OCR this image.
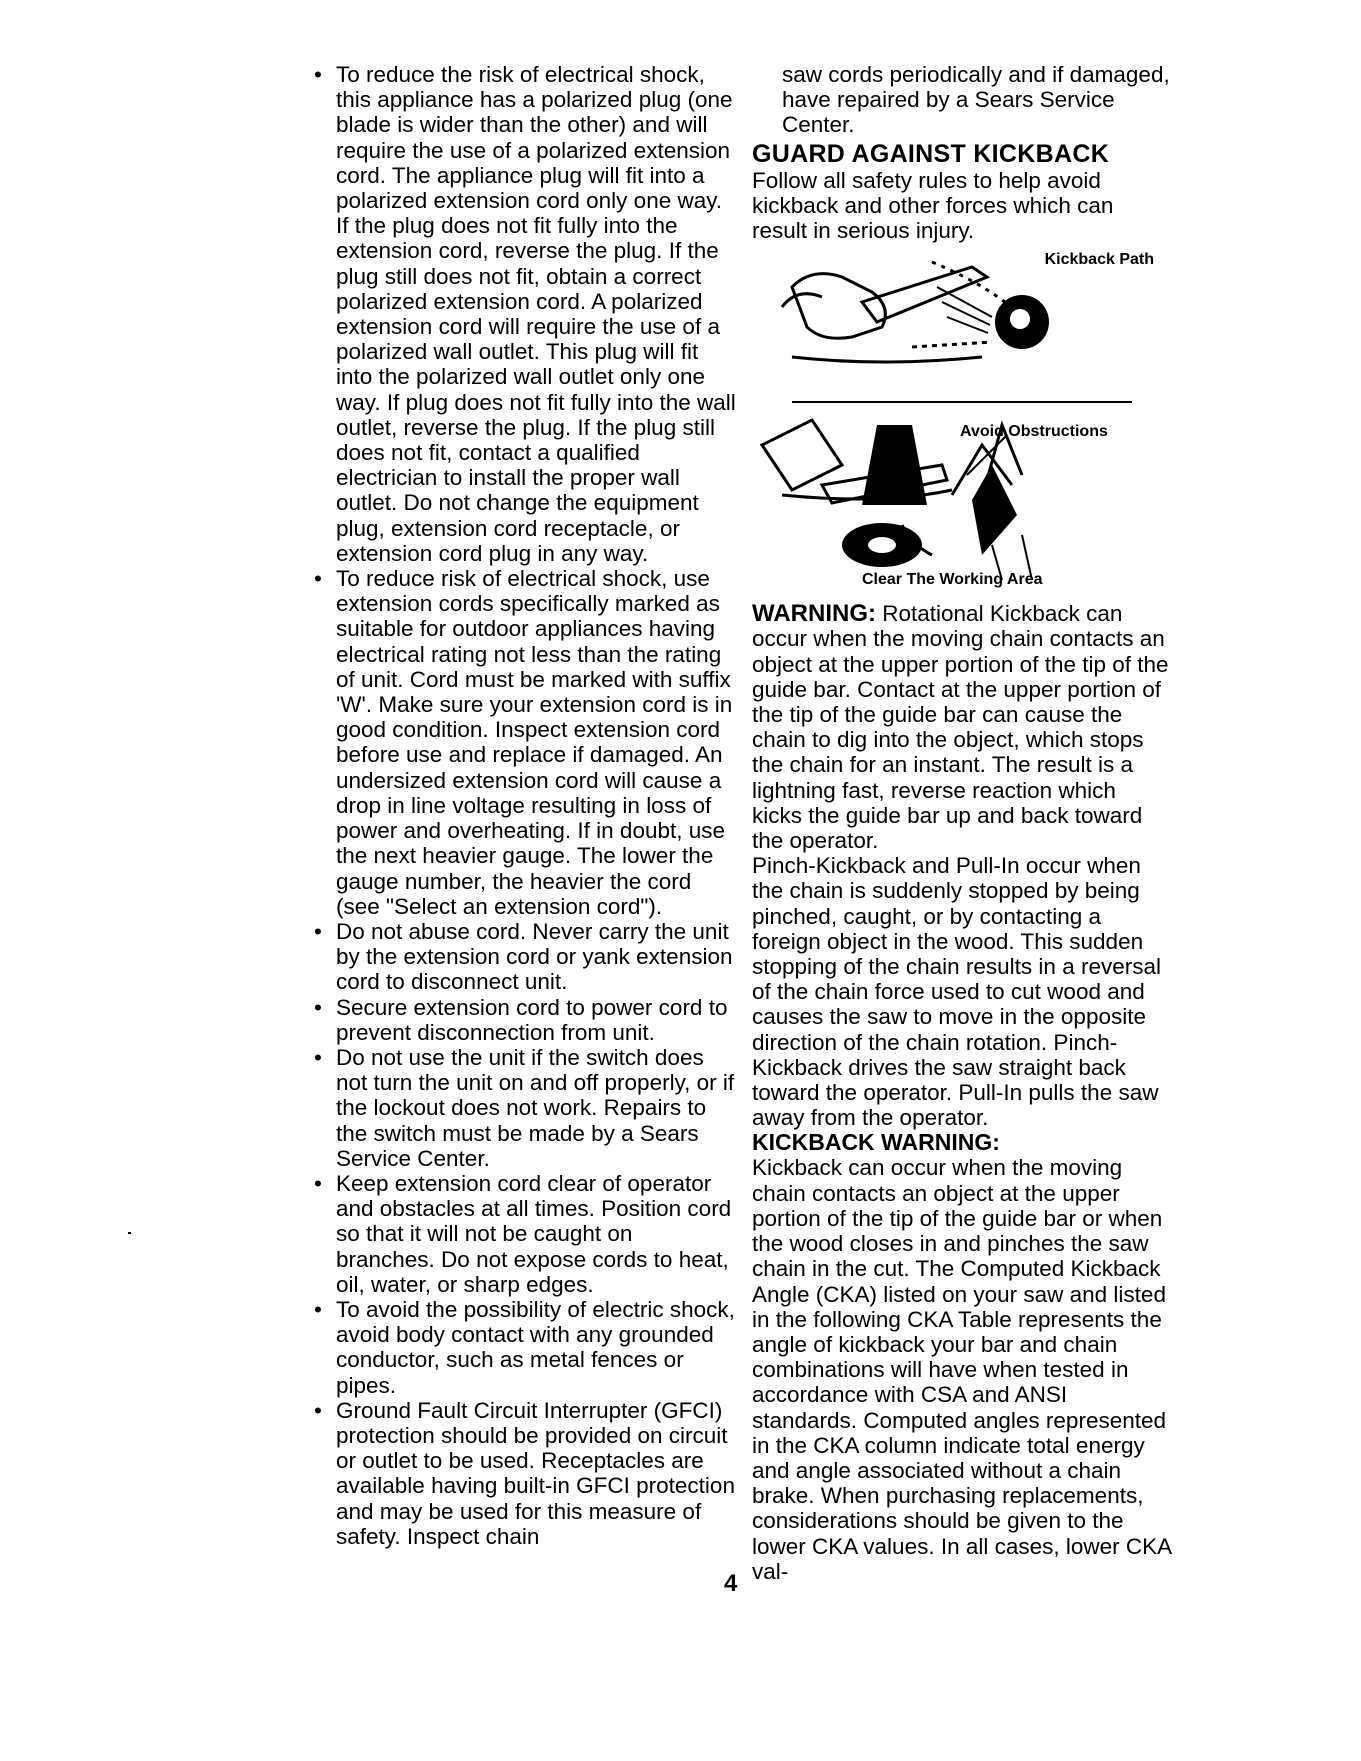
• To reduce the risk of electrical shock, this appliance has a polarized plug (one blade is wider than the other) and will require the use of a polarized extension cord. The appliance plug will fit into a polarized extension cord only one way. If the plug does not fit fully into the extension cord, reverse the plug. If the plug still does not fit, obtain a correct polarized extension cord. A polarized extension cord will require the use of a polarized wall outlet. This plug will fit into the polarized wall outlet only one way. If plug does not fit fully into the wall outlet, reverse the plug. If the plug still does not fit, contact a qualified electrician to install the proper wall outlet. Do not change the equipment plug, extension cord receptacle, or extension cord plug in any way.
• To reduce risk of electrical shock, use extension cords specifically marked as suitable for outdoor appliances having electrical rating not less than the rating of unit. Cord must be marked with suffix 'W'. Make sure your extension cord is in good condition. Inspect extension cord before use and replace if damaged. An undersized extension cord will cause a drop in line voltage resulting in loss of power and overheating. If in doubt, use the next heavier gauge. The lower the gauge number, the heavier the cord (see "Select an extension cord").
• Do not abuse cord. Never carry the unit by the extension cord or yank extension cord to disconnect unit.
• Secure extension cord to power cord to prevent disconnection from unit.
• Do not use the unit if the switch does not turn the unit on and off properly, or if the lockout does not work. Repairs to the switch must be made by a Sears Service Center.
• Keep extension cord clear of operator and obstacles at all times. Position cord so that it will not be caught on branches. Do not expose cords to heat, oil, water, or sharp edges.
• To avoid the possibility of electric shock, avoid body contact with any grounded conductor, such as metal fences or pipes.
• Ground Fault Circuit Interrupter (GFCI) protection should be provided on circuit or outlet to be used. Receptacles are available having built-in GFCI protection and may be used for this measure of safety. Inspect chain

saw cords periodically and if damaged, have repaired by a Sears Service Center.

GUARD AGAINST KICKBACK

Follow all safety rules to help avoid kickback and other forces which can result in serious injury.

Kickback Path
Avoid Obstructions
Clear The Working Area

WARNING: Rotational Kickback can occur when the moving chain contacts an object at the upper portion of the tip of the guide bar. Contact at the upper portion of the tip of the guide bar can cause the chain to dig into the object, which stops the chain for an instant. The result is a lightning fast, reverse reaction which kicks the guide bar up and back toward the operator.

Pinch-Kickback and Pull-In occur when the chain is suddenly stopped by being pinched, caught, or by contacting a foreign object in the wood. This sudden stopping of the chain results in a reversal of the chain force used to cut wood and causes the saw to move in the opposite direction of the chain rotation. Pinch-Kickback drives the saw straight back toward the operator. Pull-In pulls the saw away from the operator.

KICKBACK WARNING:

Kickback can occur when the moving chain contacts an object at the upper portion of the tip of the guide bar or when the wood closes in and pinches the saw chain in the cut. The Computed Kickback Angle (CKA) listed on your saw and listed in the following CKA Table represents the angle of kickback your bar and chain combinations will have when tested in accordance with CSA and ANSI standards. Computed angles represented in the CKA column indicate total energy and angle associated without a chain brake. When purchasing replacements, considerations should be given to the lower CKA values. In all cases, lower CKA val-

4
